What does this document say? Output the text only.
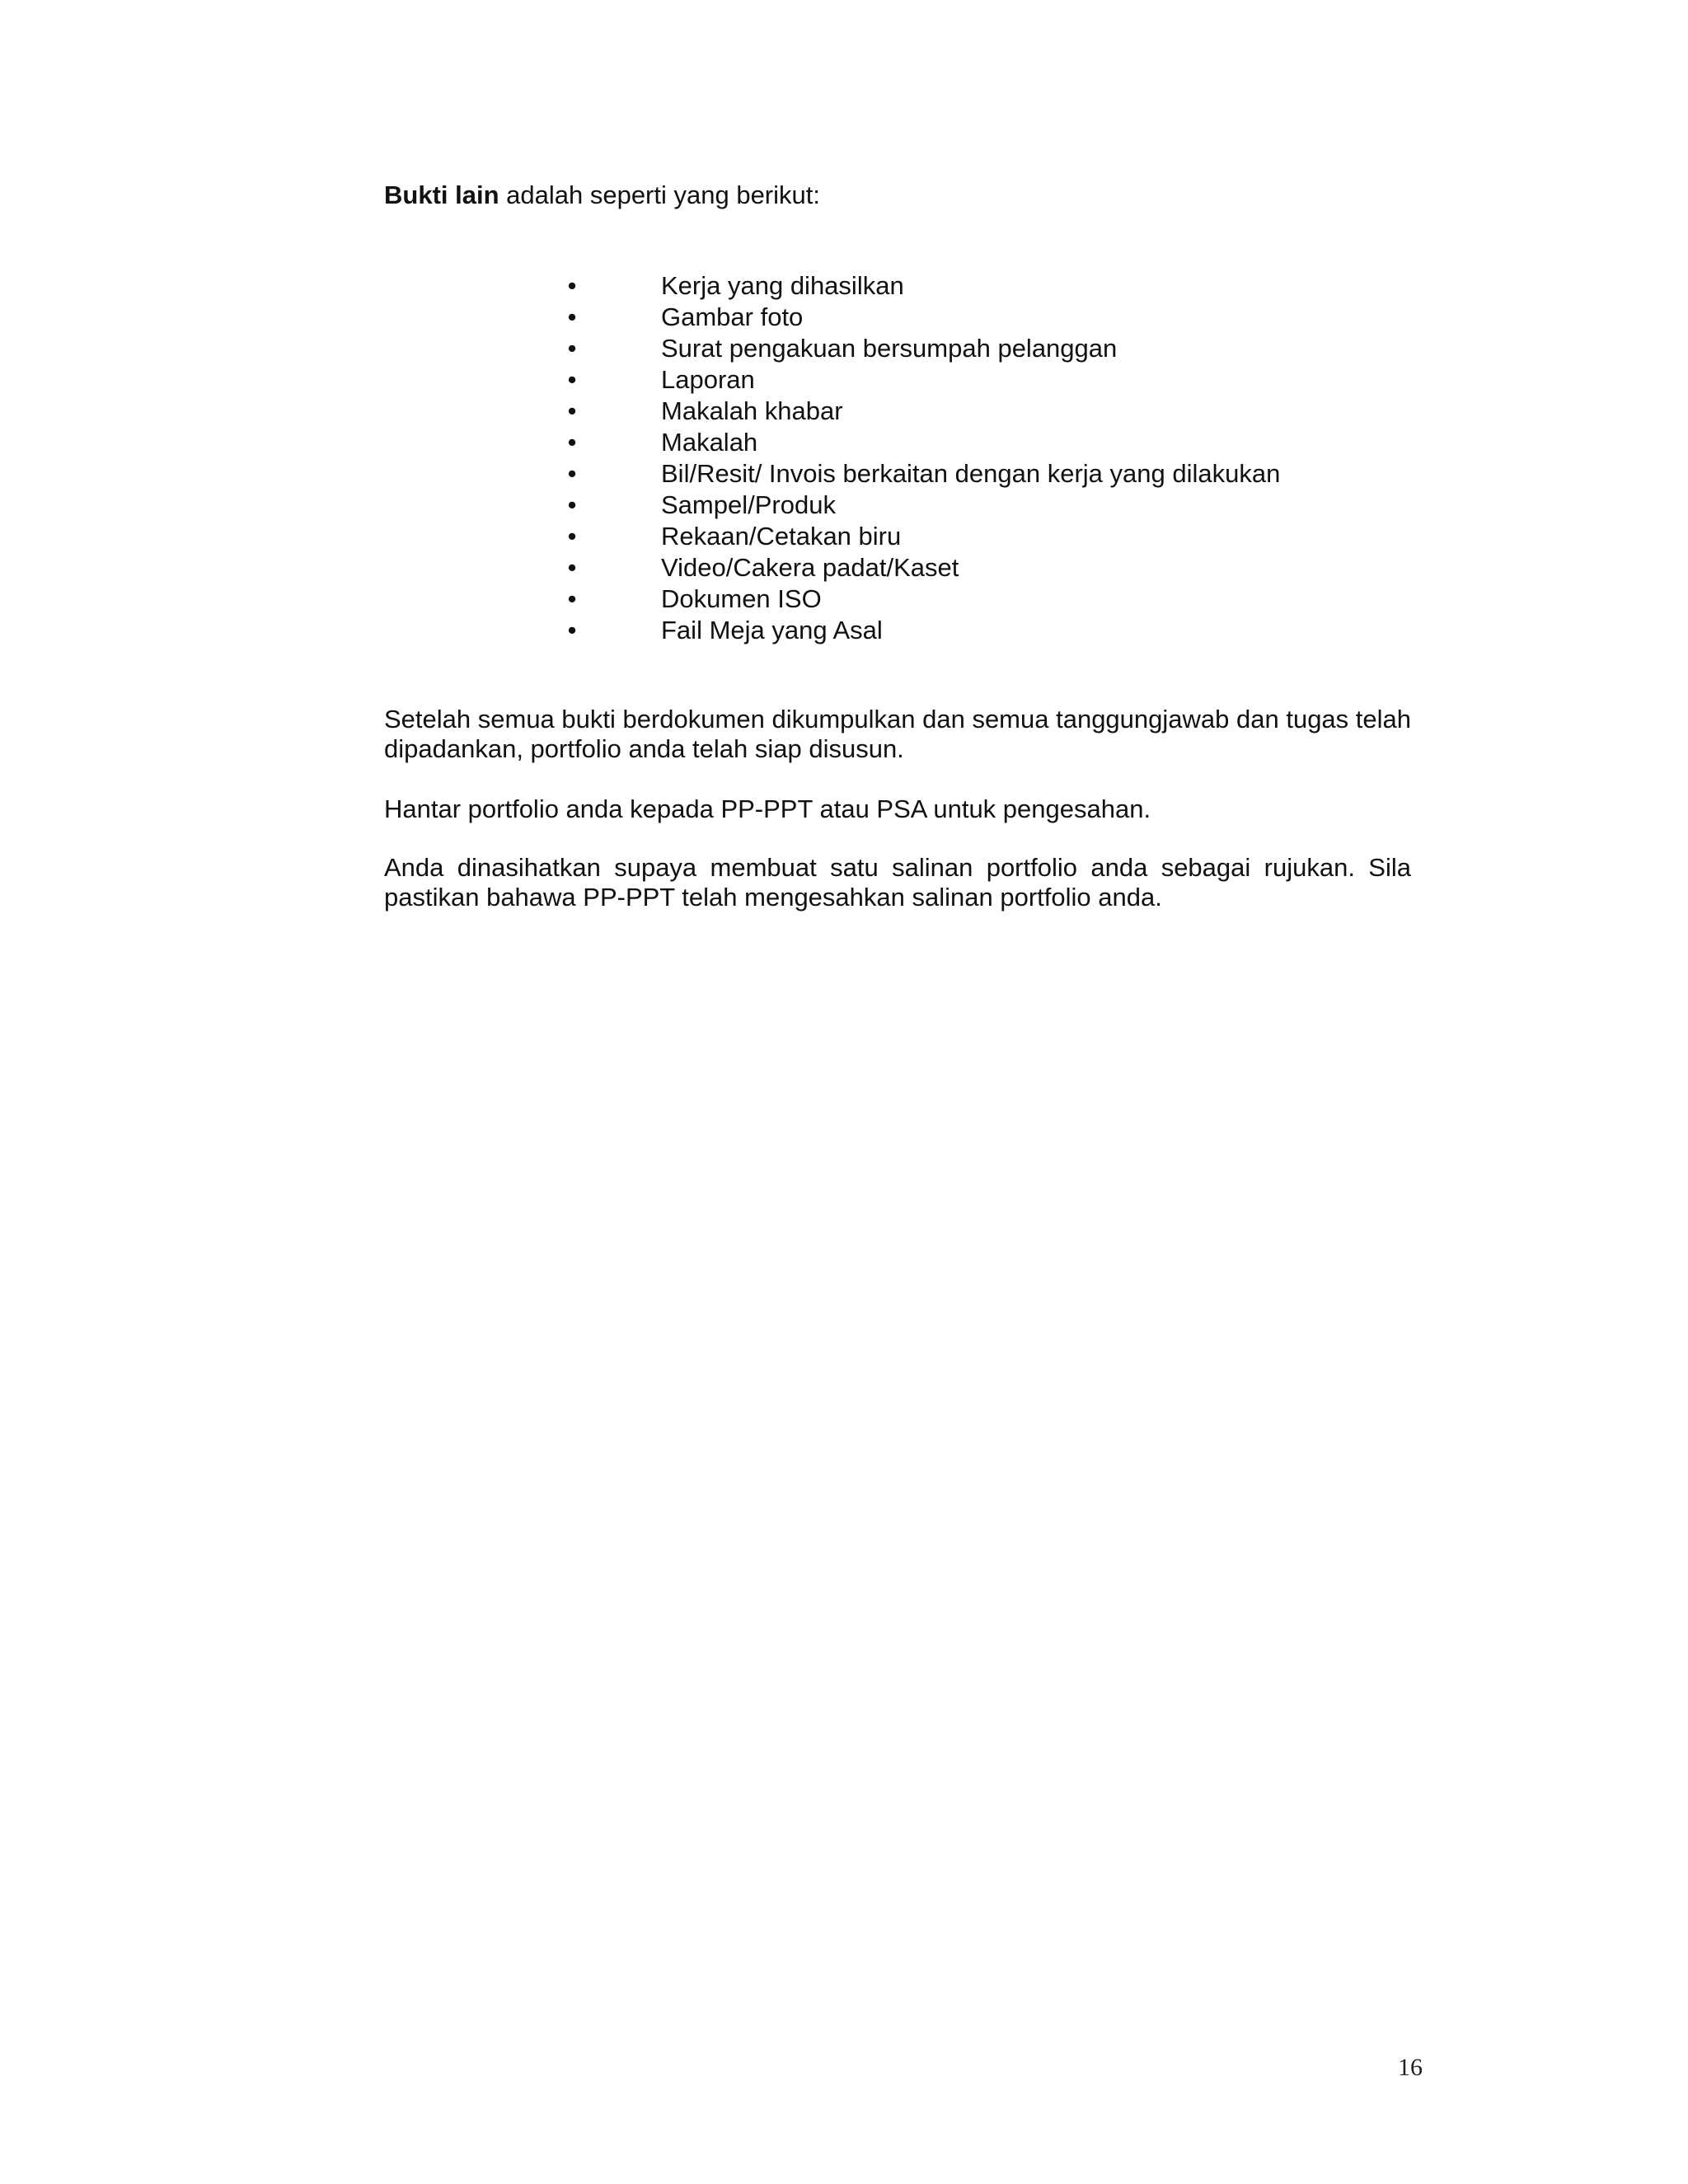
Bukti lain adalah seperti yang berikut:

•	Kerja yang dihasilkan
•	Gambar foto
•	Surat pengakuan bersumpah pelanggan
•	Laporan
•	Makalah khabar
•	Makalah
•	Bil/Resit/ Invois berkaitan dengan kerja yang dilakukan
•	Sampel/Produk
•	Rekaan/Cetakan biru
•	Video/Cakera padat/Kaset
•	Dokumen ISO
•	Fail Meja yang Asal

Setelah semua bukti berdokumen dikumpulkan dan semua tanggungjawab dan tugas telah dipadankan, portfolio anda telah siap disusun.

Hantar portfolio anda kepada PP-PPT atau PSA untuk pengesahan.

Anda dinasihatkan supaya membuat satu salinan portfolio anda sebagai rujukan. Sila pastikan bahawa PP-PPT telah mengesahkan salinan portfolio anda.

16
